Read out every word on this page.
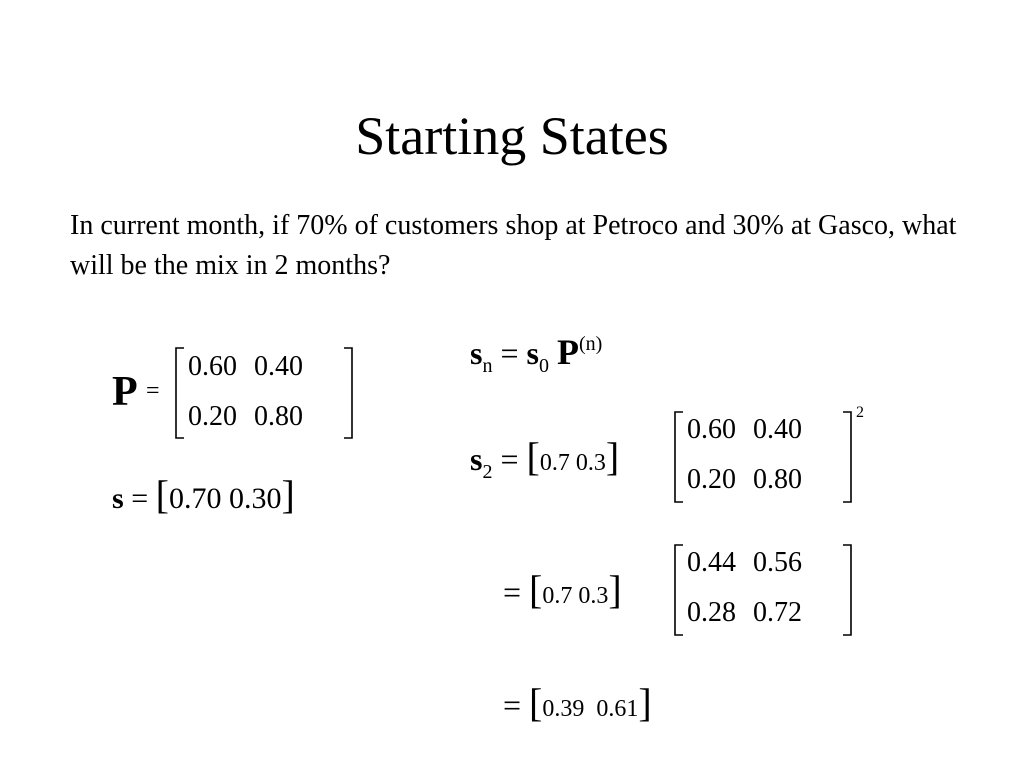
Starting States
In current month, if 70% of customers shop at Petroco and 30% at Gasco, what will be the mix in 2 months?
P =
0.60 0.40
0.20 0.80
s = [0.70 0.30]
$s_n = s_0$ $P^{(n)}$
$s_2 = [0.7$ 0.3]
0.60 0.40
0.20 0.80
2
= [0.7 0.3]
0.44 0.56
0.28 0.72
= [0.39  0.61]
